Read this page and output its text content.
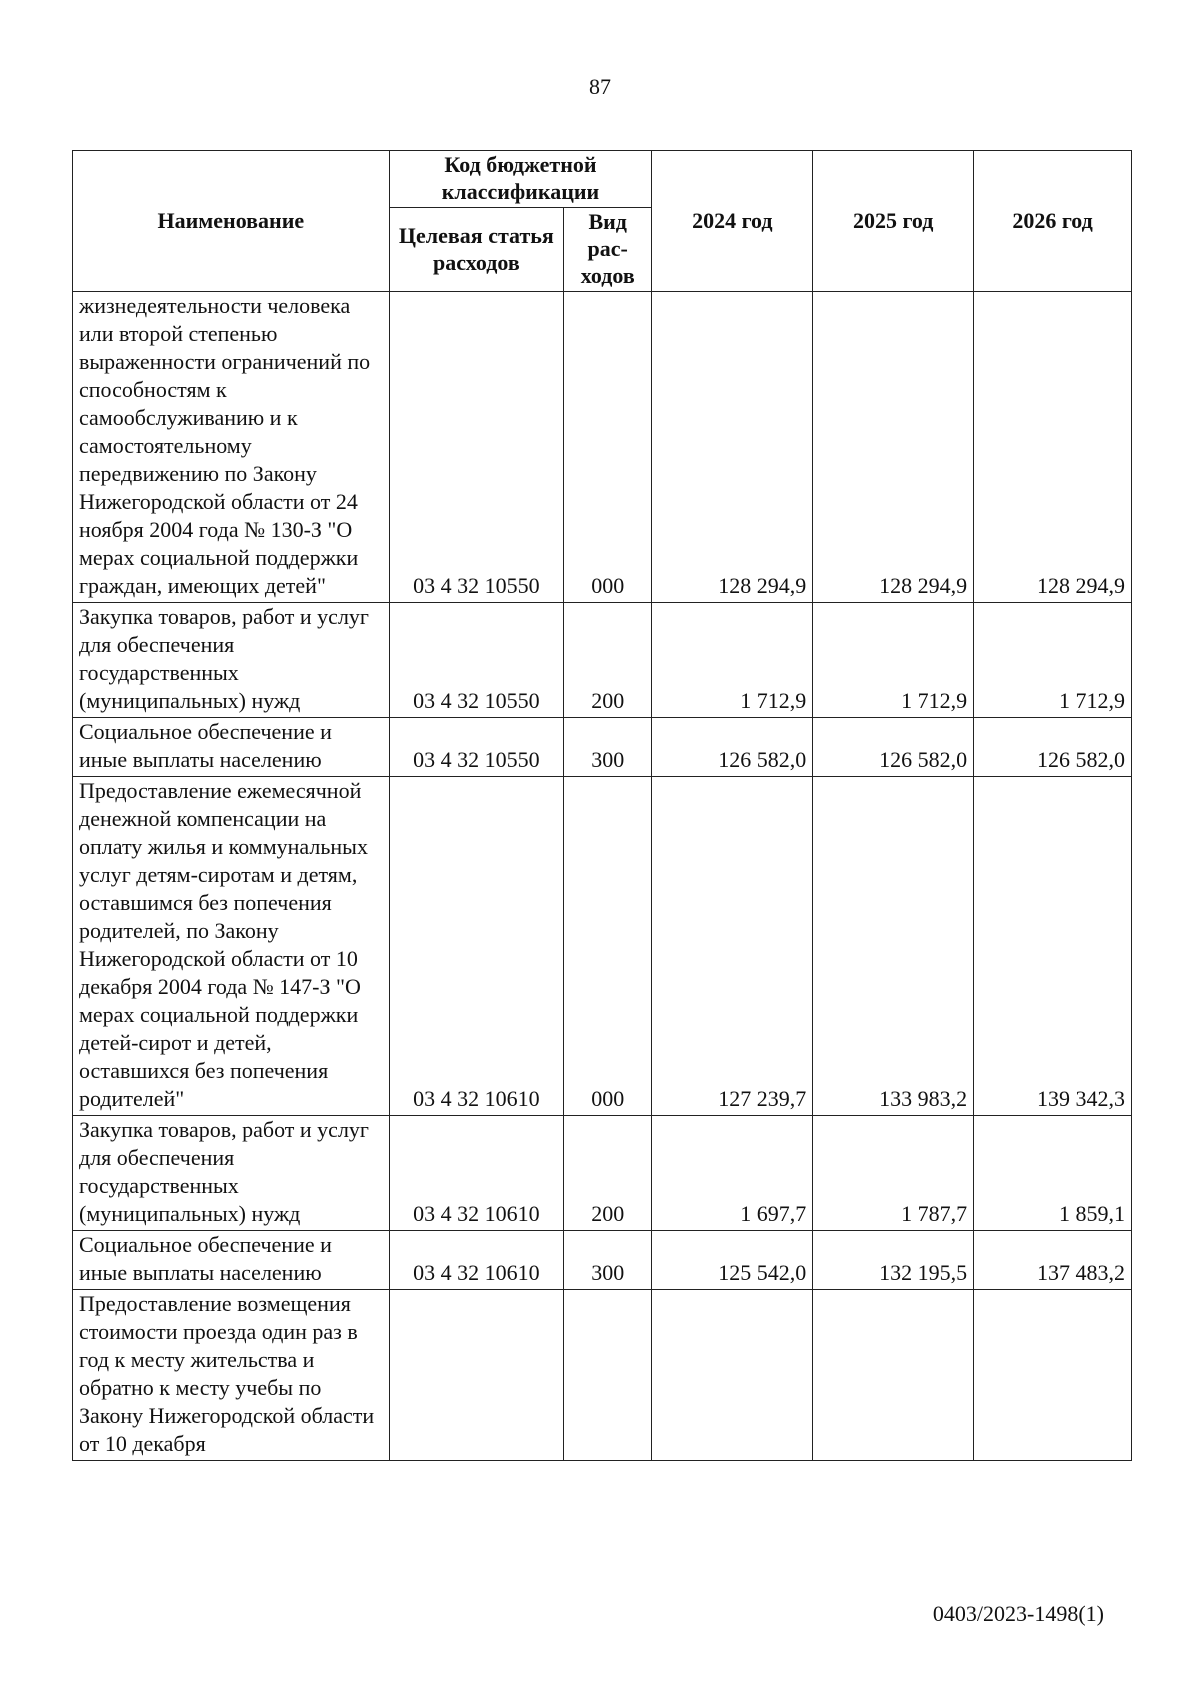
87
Наименование	Код бюджетной классификации		2024 год	2025 год	2026 год
	Целевая статья расходов	Вид рас-ходов			
жизнедеятельности человека или второй степенью выраженности ограничений по способностям к самообслуживанию и к самостоятельному передвижению по Закону Нижегородской области от 24 ноября 2004 года № 130-З "О мерах социальной поддержки граждан, имеющих детей"	03 4 32 10550	000	128 294,9	128 294,9	128 294,9
Закупка товаров, работ и услуг для обеспечения государственных (муниципальных) нужд	03 4 32 10550	200	1 712,9	1 712,9	1 712,9
Социальное обеспечение и иные выплаты населению	03 4 32 10550	300	126 582,0	126 582,0	126 582,0
Предоставление ежемесячной денежной компенсации на оплату жилья и коммунальных услуг детям-сиротам и детям, оставшимся без попечения родителей, по Закону Нижегородской области от 10 декабря 2004 года № 147-З "О мерах социальной поддержки детей-сирот и детей, оставшихся без попечения родителей"	03 4 32 10610	000	127 239,7	133 983,2	139 342,3
Закупка товаров, работ и услуг для обеспечения государственных (муниципальных) нужд	03 4 32 10610	200	1 697,7	1 787,7	1 859,1
Социальное обеспечение и иные выплаты населению	03 4 32 10610	300	125 542,0	132 195,5	137 483,2
Предоставление возмещения стоимости проезда один раз в год к месту жительства и обратно к месту учебы по Закону Нижегородской области от 10 декабря					
0403/2023-1498(1)
